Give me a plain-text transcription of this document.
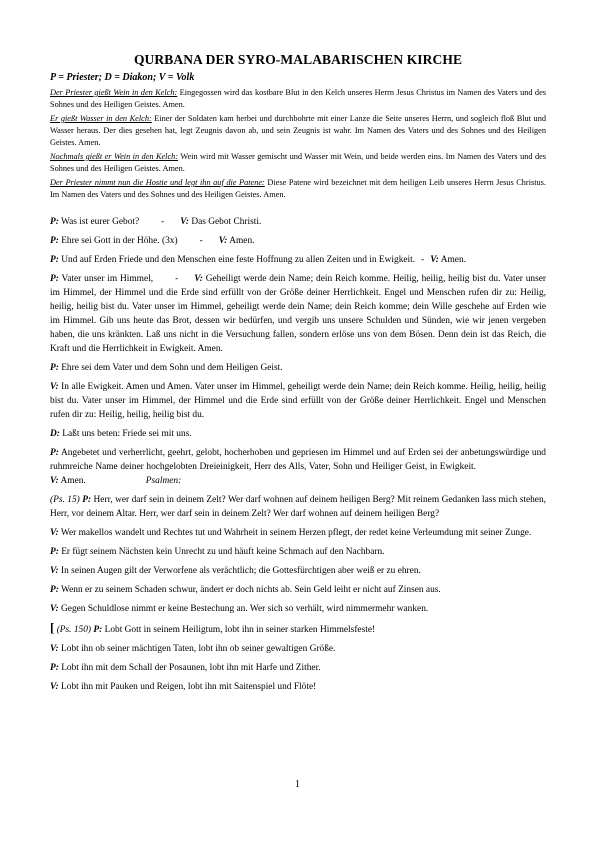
QURBANA DER SYRO-MALABARISCHEN KIRCHE
P = Priester; D = Diakon; V = Volk
Der Priester gießt Wein in den Kelch: Eingegossen wird das kostbare Blut in den Kelch unseres Herrn Jesus Christus im Namen des Vaters und des Sohnes und des Heiligen Geistes. Amen.
Er gießt Wasser in den Kelch: Einer der Soldaten kam herbei und durchbohrte mit einer Lanze die Seite unseres Herrn, und sogleich floß Blut und Wasser heraus. Der dies gesehen hat, legt Zeugnis davon ab, und sein Zeugnis ist wahr. Im Namen des Vaters und des Sohnes und des Heiligen Geistes. Amen.
Nochmals gießt er Wein in den Kelch: Wein wird mit Wasser gemischt und Wasser mit Wein, und beide werden eins. Im Namen des Vaters und des Sohnes und des Heiligen Geistes. Amen.
Der Priester nimmt nun die Hostie und legt ihn auf die Patene: Diese Patene wird bezeichnet mit dem heiligen Leib unseres Herrn Jesus Christus. Im Namen des Vaters und des Sohnes und des Heiligen Geistes. Amen.
P: Was ist eurer Gebot? - V: Das Gebot Christi.
P: Ehre sei Gott in der Höhe. (3x) - V: Amen.
P: Und auf Erden Friede und den Menschen eine feste Hoffnung zu allen Zeiten und in Ewigkeit. - V: Amen.
P: Vater unser im Himmel, - V: Geheiligt werde dein Name; dein Reich komme. Heilig, heilig, heilig bist du. Vater unser im Himmel, der Himmel und die Erde sind erfüllt von der Größe deiner Herrlichkeit. Engel und Menschen rufen dir zu: Heilig, heilig, heilig bist du. Vater unser im Himmel, geheiligt werde dein Name; dein Reich komme; dein Wille geschehe auf Erden wie im Himmel. Gib uns heute das Brot, dessen wir bedürfen, und vergib uns unsere Schulden und Sünden, wie wir jenen vergeben haben, die uns kränkten. Laß uns nicht in die Versuchung fallen, sondern erlöse uns von dem Bösen. Denn dein ist das Reich, die Kraft und die Herrlichkeit in Ewigkeit. Amen.
P: Ehre sei dem Vater und dem Sohn und dem Heiligen Geist.
V: In alle Ewigkeit. Amen und Amen. Vater unser im Himmel, geheiligt werde dein Name; dein Reich komme. Heilig, heilig, heilig bist du. Vater unser im Himmel, der Himmel und die Erde sind erfüllt von der Größe deiner Herrlichkeit. Engel und Menschen rufen dir zu: Heilig, heilig, heilig bist du.
D: Laßt uns beten: Friede sei mit uns.
P: Angebetet und verherrlicht, geehrt, gelobt, hocherhoben und gepriesen im Himmel und auf Erden sei der anbetungswürdige und ruhmreiche Name deiner hochgelobten Dreieinigkeit, Herr des Alls, Vater, Sohn und Heiliger Geist, in Ewigkeit.V: Amen.	Psalmen:
(Ps. 15) P: Herr, wer darf sein in deinem Zelt? Wer darf wohnen auf deinem heiligen Berg? Mit reinem Gedanken lass mich stehen, Herr, vor deinem Altar. Herr, wer darf sein in deinem Zelt? Wer darf wohnen auf deinem heiligen Berg?
V: Wer makellos wandelt und Rechtes tut und Wahrheit in seinem Herzen pflegt, der redet keine Verleumdung mit seiner Zunge.
P: Er fügt seinem Nächsten kein Unrecht zu und häuft keine Schmach auf den Nachbarn.
V: In seinen Augen gilt der Verworfene als verächtlich; die Gottesfürchtigen aber weiß er zu ehren.
P: Wenn er zu seinem Schaden schwur, ändert er doch nichts ab. Sein Geld leiht er nicht auf Zinsen aus.
V: Gegen Schuldlose nimmt er keine Bestechung an. Wer sich so verhält, wird nimmermehr wanken.
[ (Ps. 150) P: Lobt Gott in seinem Heiligtum, lobt ihn in seiner starken Himmelsfeste!
V: Lobt ihn ob seiner mächtigen Taten, lobt ihn ob seiner gewaltigen Größe.
P: Lobt ihn mit dem Schall der Posaunen, lobt ihn mit Harfe und Zither.
V: Lobt ihn mit Pauken und Reigen, lobt ihn mit Saitenspiel und Flöte!
1
